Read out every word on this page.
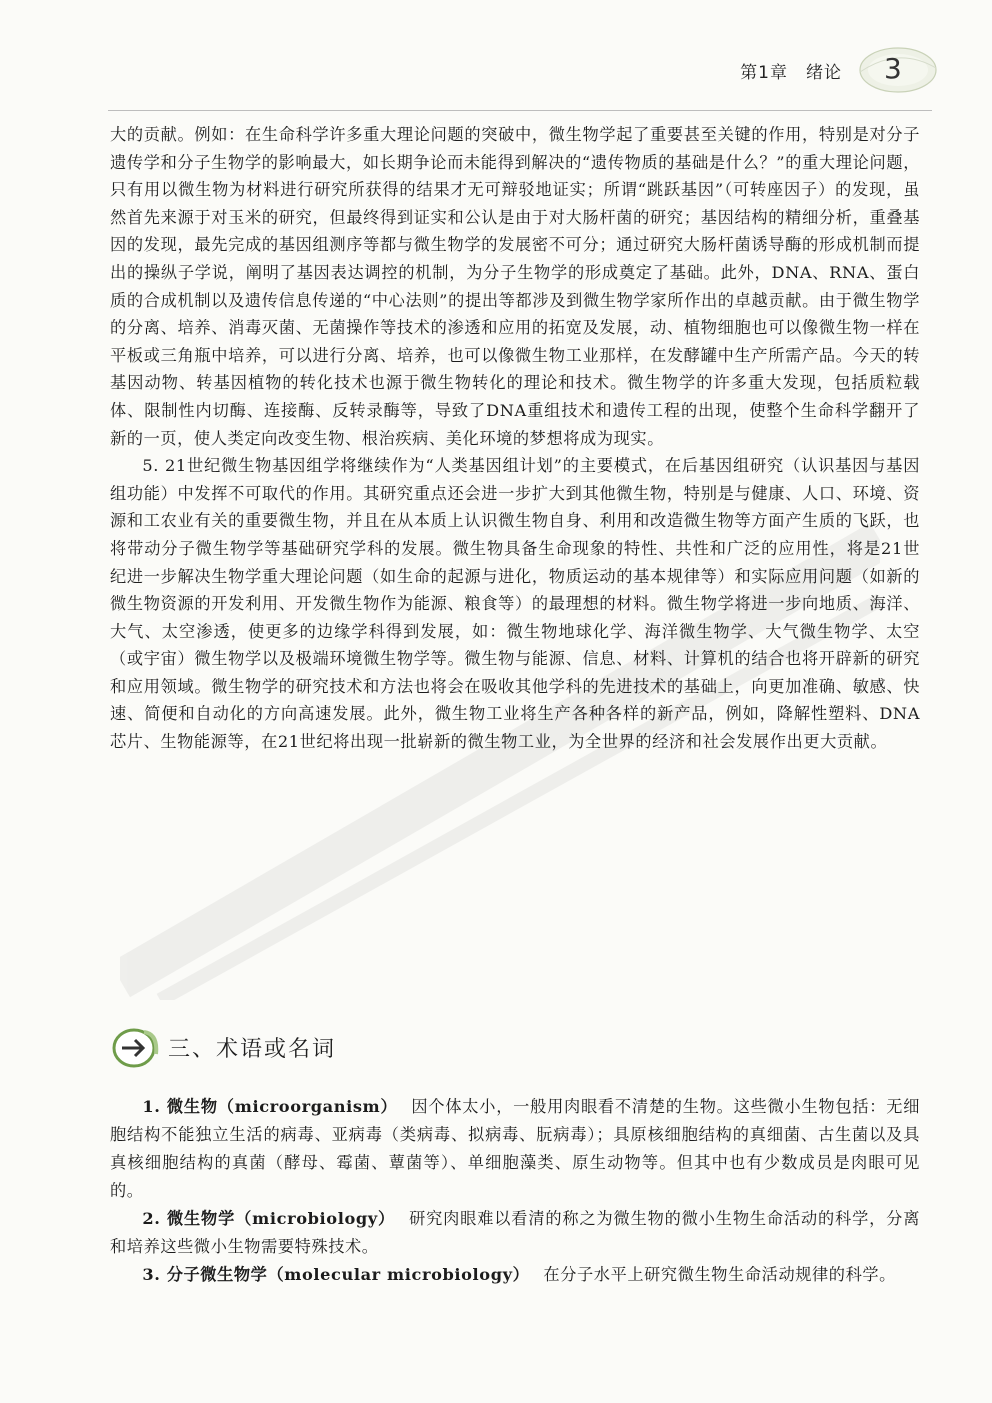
第1章　绪论 3

大的贡献。例如：在生命科学许多重大理论问题的突破中，微生物学起了重要甚至关键的作用，特别是对分子遗传学和分子生物学的影响最大，如长期争论而未能得到解决的“遗传物质的基础是什么？”的重大理论问题，只有用以微生物为材料进行研究所获得的结果才无可辩驳地证实；所谓“跳跃基因”（可转座因子）的发现，虽然首先来源于对玉米的研究，但最终得到证实和公认是由于对大肠杆菌的研究；基因结构的精细分析，重叠基因的发现，最先完成的基因组测序等都与微生物学的发展密不可分；通过研究大肠杆菌诱导酶的形成机制而提出的操纵子学说，阐明了基因表达调控的机制，为分子生物学的形成奠定了基础。此外，DNA、RNA、蛋白质的合成机制以及遗传信息传递的“中心法则”的提出等都涉及到微生物学家所作出的卓越贡献。由于微生物学的分离、培养、消毒灭菌、无菌操作等技术的渗透和应用的拓宽及发展，动、植物细胞也可以像微生物一样在平板或三角瓶中培养，可以进行分离、培养，也可以像微生物工业那样，在发酵罐中生产所需产品。今天的转基因动物、转基因植物的转化技术也源于微生物转化的理论和技术。微生物学的许多重大发现，包括质粒载体、限制性内切酶、连接酶、反转录酶等，导致了DNA重组技术和遗传工程的出现，使整个生命科学翻开了新的一页，使人类定向改变生物、根治疾病、美化环境的梦想将成为现实。

5. 21世纪微生物基因组学将继续作为“人类基因组计划”的主要模式，在后基因组研究（认识基因与基因组功能）中发挥不可取代的作用。其研究重点还会进一步扩大到其他微生物，特别是与健康、人口、环境、资源和工农业有关的重要微生物，并且在从本质上认识微生物自身、利用和改造微生物等方面产生质的飞跃，也将带动分子微生物学等基础研究学科的发展。微生物具备生命现象的特性、共性和广泛的应用性，将是21世纪进一步解决生物学重大理论问题（如生命的起源与进化，物质运动的基本规律等）和实际应用问题（如新的微生物资源的开发利用、开发微生物作为能源、粮食等）的最理想的材料。微生物学将进一步向地质、海洋、大气、太空渗透，使更多的边缘学科得到发展，如：微生物地球化学、海洋微生物学、大气微生物学、太空（或宇宙）微生物学以及极端环境微生物学等。微生物与能源、信息、材料、计算机的结合也将开辟新的研究和应用领域。微生物学的研究技术和方法也将会在吸收其他学科的先进技术的基础上，向更加准确、敏感、快速、简便和自动化的方向高速发展。此外，微生物工业将生产各种各样的新产品，例如，降解性塑料、DNA芯片、生物能源等，在21世纪将出现一批崭新的微生物工业，为全世界的经济和社会发展作出更大贡献。

三、术语或名词

1. 微生物（microorganism） 因个体太小，一般用肉眼看不清楚的生物。这些微小生物包括：无细胞结构不能独立生活的病毒、亚病毒（类病毒、拟病毒、朊病毒）；具原核细胞结构的真细菌、古生菌以及具真核细胞结构的真菌（酵母、霉菌、蕈菌等）、单细胞藻类、原生动物等。但其中也有少数成员是肉眼可见的。

2. 微生物学（microbiology） 研究肉眼难以看清的称之为微生物的微小生物生命活动的科学，分离和培养这些微小生物需要特殊技术。

3. 分子微生物学（molecular microbiology） 在分子水平上研究微生物生命活动规律的科学。
